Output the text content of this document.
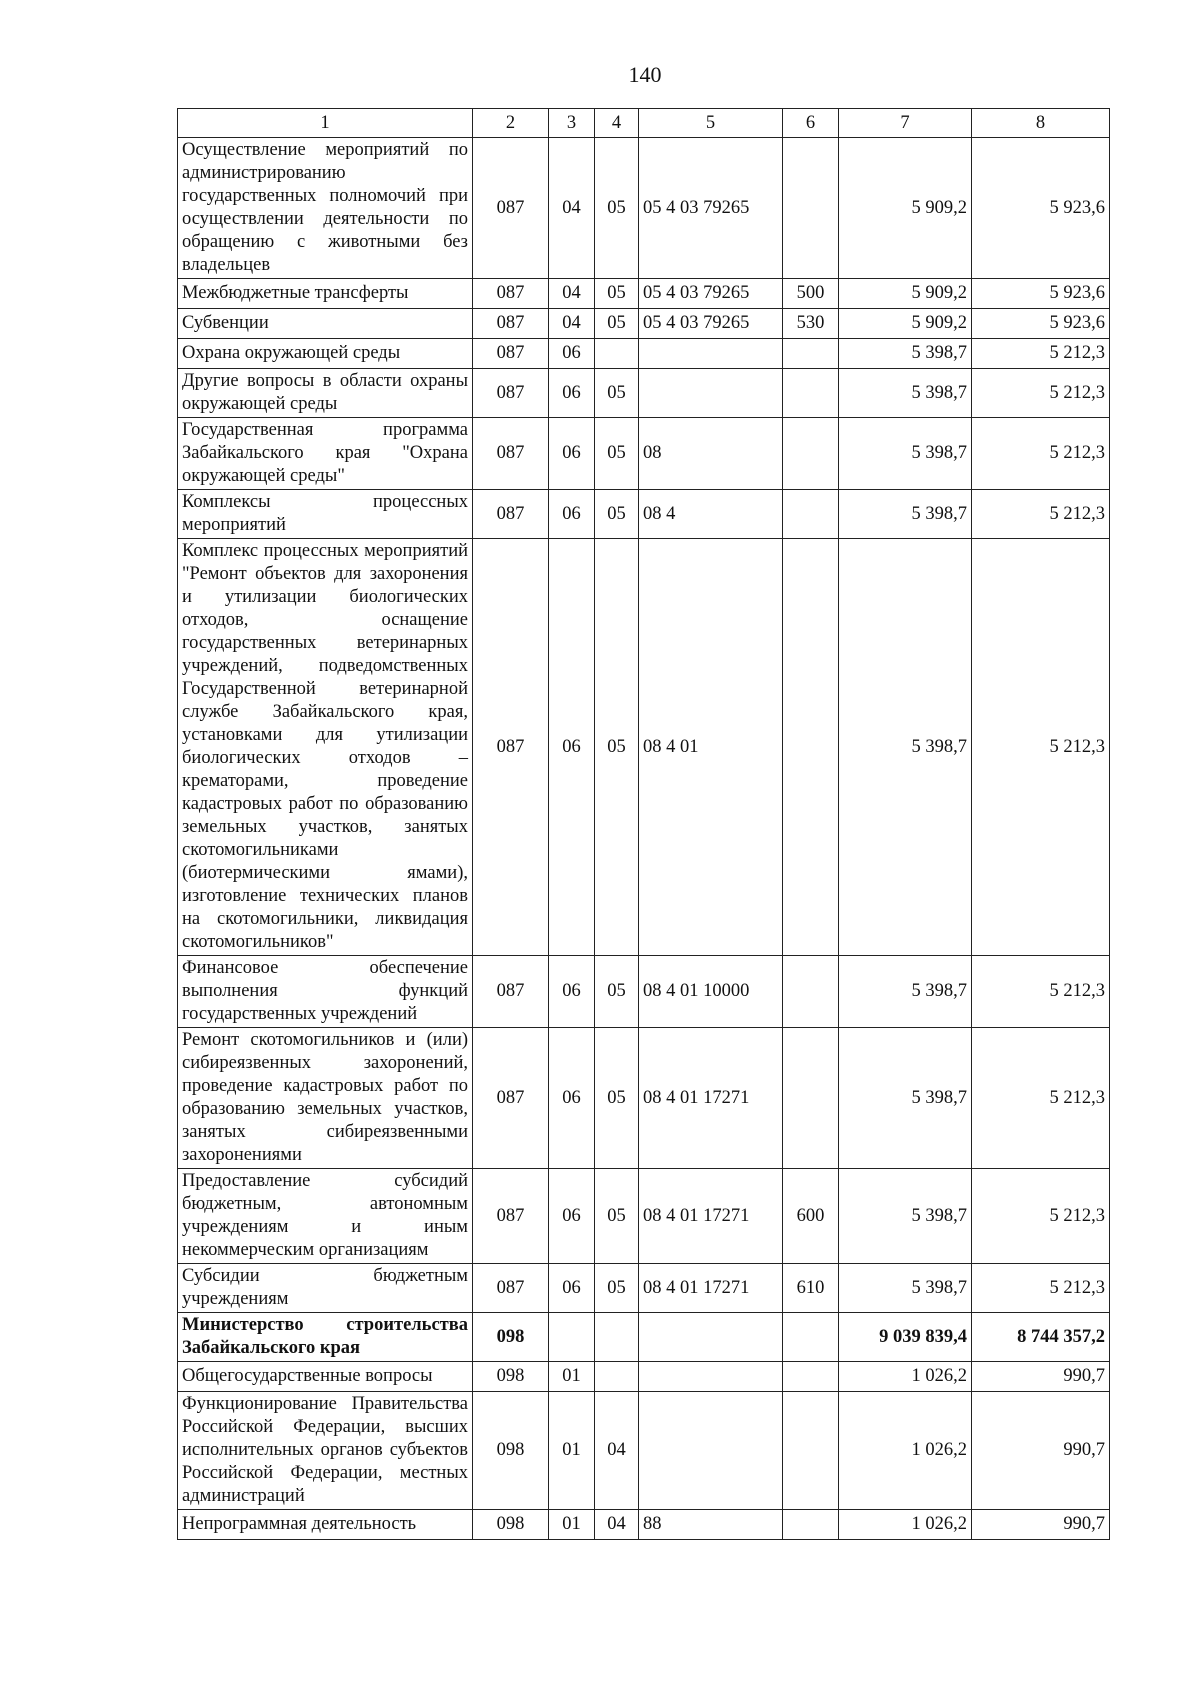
140
1	2	3	4	5	6	7	8
Осуществление мероприятий по администрированию государственных полномочий при осуществлении деятельности по обращению с животными без владельцев	087	04	05	05 4 03 79265		5 909,2	5 923,6
Межбюджетные трансферты	087	04	05	05 4 03 79265	500	5 909,2	5 923,6
Субвенции	087	04	05	05 4 03 79265	530	5 909,2	5 923,6
Охрана окружающей среды	087	06				5 398,7	5 212,3
Другие вопросы в области охраны окружающей среды	087	06	05			5 398,7	5 212,3
Государственная программа Забайкальского края "Охрана окружающей среды"	087	06	05	08		5 398,7	5 212,3
Комплексы процессных мероприятий	087	06	05	08 4		5 398,7	5 212,3
Комплекс процессных мероприятий "Ремонт объектов для захоронения и утилизации биологических отходов, оснащение государственных ветеринарных учреждений, подведомственных Государственной ветеринарной службе Забайкальского края, установками для утилизации биологических отходов – крематорами, проведение кадастровых работ по образованию земельных участков, занятых скотомогильниками (биотермическими ямами), изготовление технических планов на скотомогильники, ликвидация скотомогильников"	087	06	05	08 4 01		5 398,7	5 212,3
Финансовое обеспечение выполнения функций государственных учреждений	087	06	05	08 4 01 10000		5 398,7	5 212,3
Ремонт скотомогильников и (или) сибиреязвенных захоронений, проведение кадастровых работ по образованию земельных участков, занятых сибиреязвенными захоронениями	087	06	05	08 4 01 17271		5 398,7	5 212,3
Предоставление субсидий бюджетным, автономным учреждениям и иным некоммерческим организациям	087	06	05	08 4 01 17271	600	5 398,7	5 212,3
Субсидии бюджетным учреждениям	087	06	05	08 4 01 17271	610	5 398,7	5 212,3
Министерство строительства Забайкальского края	098					9 039 839,4	8 744 357,2
Общегосударственные вопросы	098	01				1 026,2	990,7
Функционирование Правительства Российской Федерации, высших исполнительных органов субъектов Российской Федерации, местных администраций	098	01	04			1 026,2	990,7
Непрограммная деятельность	098	01	04	88		1 026,2	990,7
